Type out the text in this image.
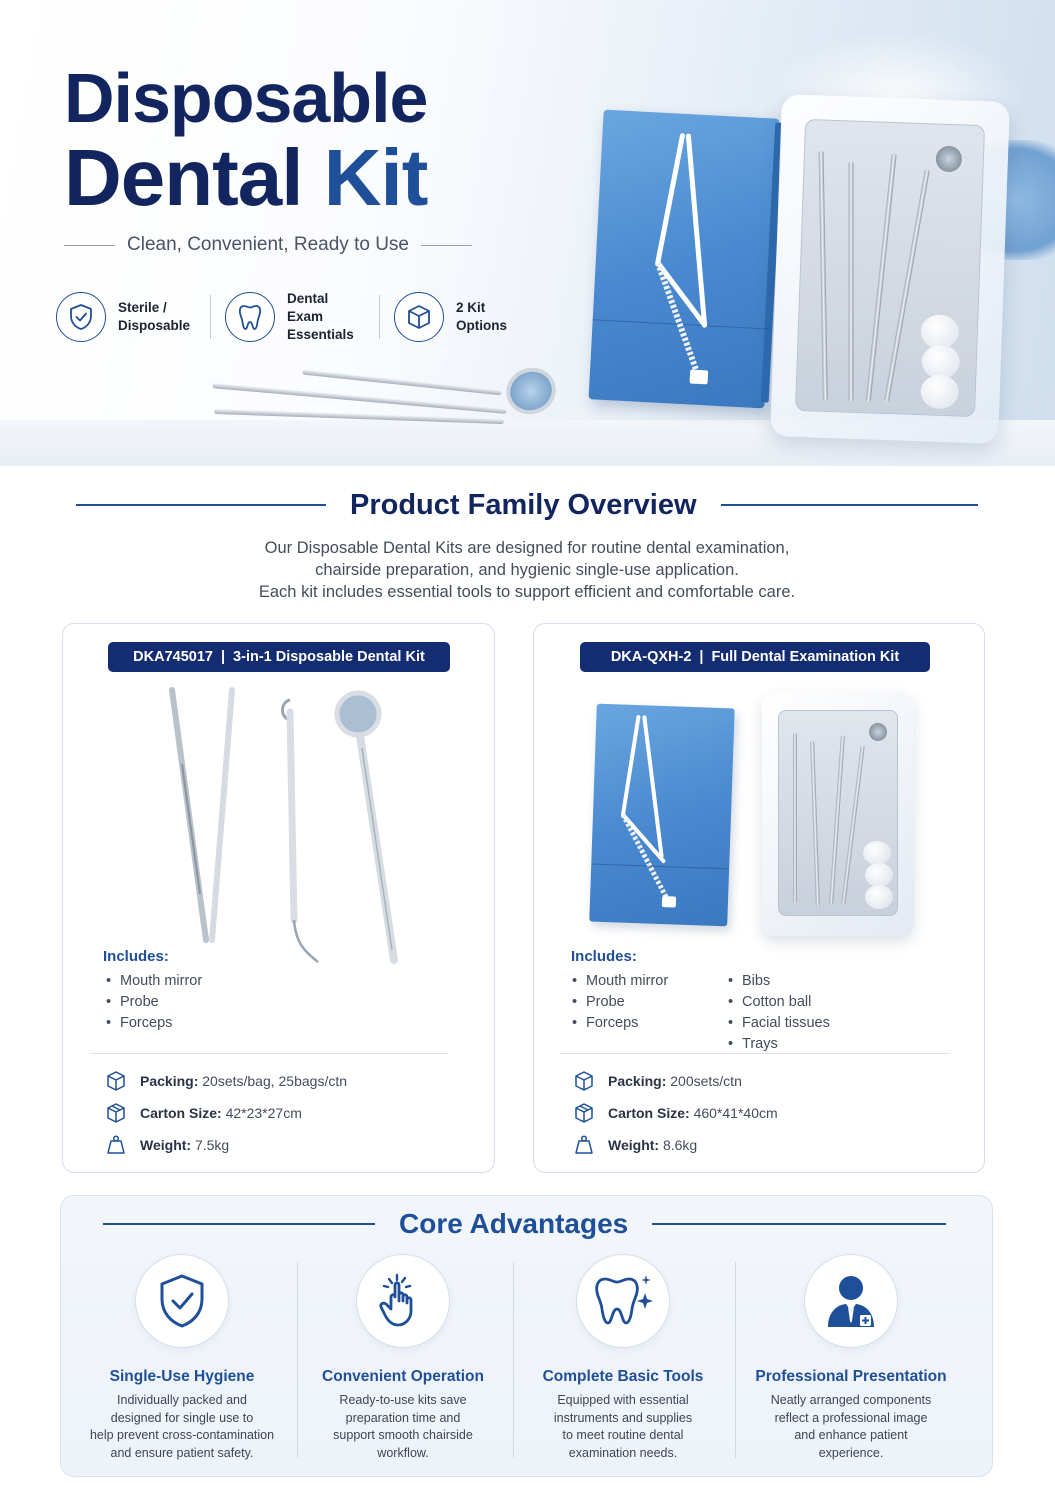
Disposable
Dental Kit
Clean, Convenient, Ready to Use
Sterile /
Disposable
Dental Exam
Essentials
2 Kit
Options
Product Family Overview
Our Disposable Dental Kits are designed for routine dental examination,
chairside preparation, and hygienic single-use application.
Each kit includes essential tools to support efficient and comfortable care.
DKA745017 | 3-in-1 Disposable Dental Kit
Includes:
• Mouth mirror
• Probe
• Forceps
Packing: 20sets/bag, 25bags/ctn
Carton Size: 42*23*27cm
Weight: 7.5kg
DKA-QXH-2 | Full Dental Examination Kit
Includes:
• Mouth mirror
• Probe
• Forceps
• Bibs
• Cotton ball
• Facial tissues
• Trays
Packing: 200sets/ctn
Carton Size: 460*41*40cm
Weight: 8.6kg
Core Advantages
Single-Use Hygiene
Individually packed and
designed for single use to
help prevent cross-contamination
and ensure patient safety.
Convenient Operation
Ready-to-use kits save
preparation time and
support smooth chairside
workflow.
Complete Basic Tools
Equipped with essential
instruments and supplies
to meet routine dental
examination needs.
Professional Presentation
Neatly arranged components
reflect a professional image
and enhance patient
experience.
